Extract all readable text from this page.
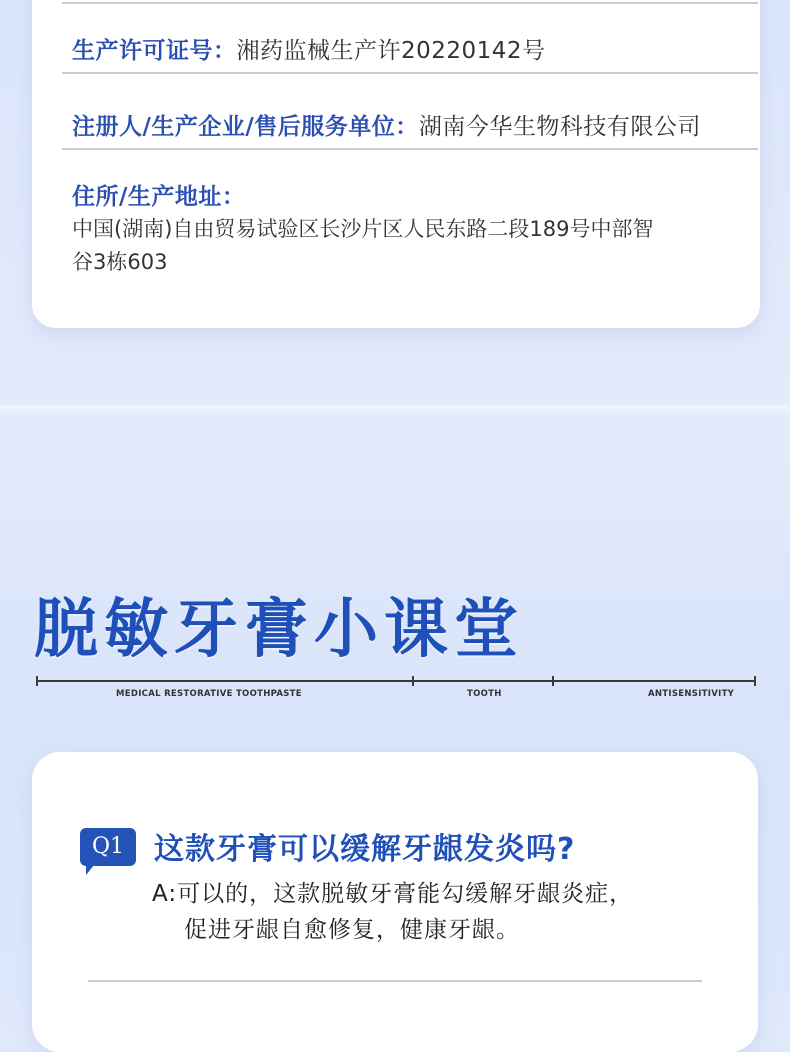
生产许可证号：湘药监械生产许20220142号
注册人/生产企业/售后服务单位：湖南今华生物科技有限公司
住所/生产地址：
中国(湖南)自由贸易试验区长沙片区人民东路二段189号中部智
谷3栋603
脱敏牙膏小课堂
MEDICAL RESTORATIVE TOOTHPASTE	TOOTH	ANTISENSITIVITY
Q1 这款牙膏可以缓解牙龈发炎吗?
A:可以的，这款脱敏牙膏能勾缓解牙龈炎症，
促进牙龈自愈修复，健康牙龈。
